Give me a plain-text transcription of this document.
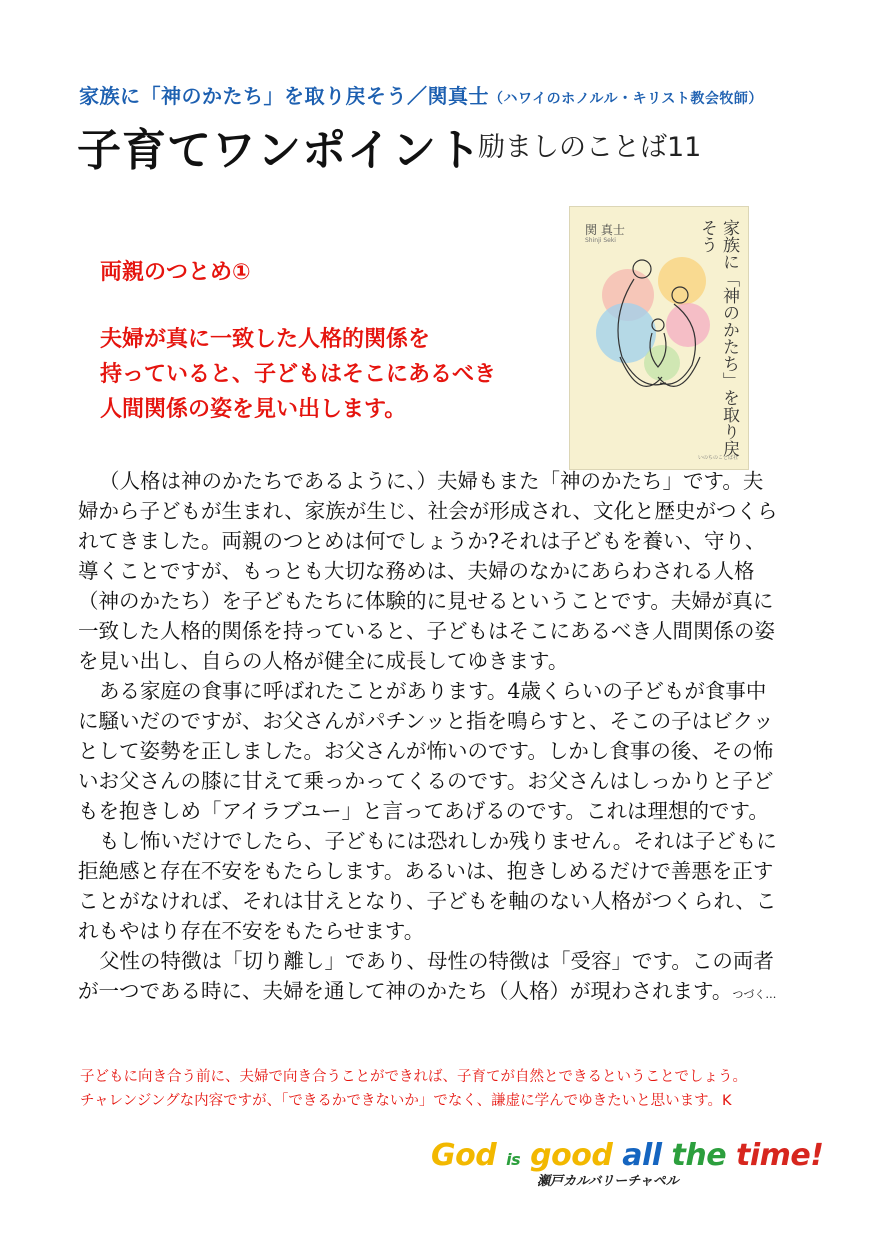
家族に「神のかたち」を取り戻そう／関真士（ハワイのホノルル・キリスト教会牧師）
子育てワンポイント
励ましのことば11
両親のつとめ①
夫婦が真に一致した人格的関係を
持っていると、子どもはそこにあるべき
人間関係の姿を見い出します。
関 真士
Shinji Seki	家族に「神のかたち」を取り戻そう
いのちのことば社

（人格は神のかたちであるように、）夫婦もまた「神のかたち」です。夫婦から子どもが生まれ、家族が生じ、社会が形成され、文化と歴史がつくられてきました。両親のつとめは何でしょうか?それは子どもを養い、守り、導くことですが、もっとも大切な務めは、夫婦のなかにあらわされる人格（神のかたち）を子どもたちに体験的に見せるということです。夫婦が真に一致した人格的関係を持っていると、子どもはそこにあるべき人間関係の姿を見い出し、自らの人格が健全に成長してゆきます。

ある家庭の食事に呼ばれたことがあります。4歳くらいの子どもが食事中に騒いだのですが、お父さんがパチンッと指を鳴らすと、そこの子はビクッとして姿勢を正しました。お父さんが怖いのです。しかし食事の後、その怖いお父さんの膝に甘えて乗っかってくるのです。お父さんはしっかりと子どもを抱きしめ「アイラブユー」と言ってあげるのです。これは理想的です。

もし怖いだけでしたら、子どもには恐れしか残りません。それは子どもに拒絶感と存在不安をもたらします。あるいは、抱きしめるだけで善悪を正すことがなければ、それは甘えとなり、子どもを軸のない人格がつくられ、これもやはり存在不安をもたらせます。

父性の特徴は「切り離し」であり、母性の特徴は「受容」です。この両者が一つである時に、夫婦を通して神のかたち（人格）が現わされます。つづく…

子どもに向き合う前に、夫婦で向き合うことができれば、子育てが自然とできるということでしょう。
チャレンジングな内容ですが、「できるかできないか」でなく、謙虚に学んでゆきたいと思います。K
God is good all the time!
瀬戸カルバリーチャペル
